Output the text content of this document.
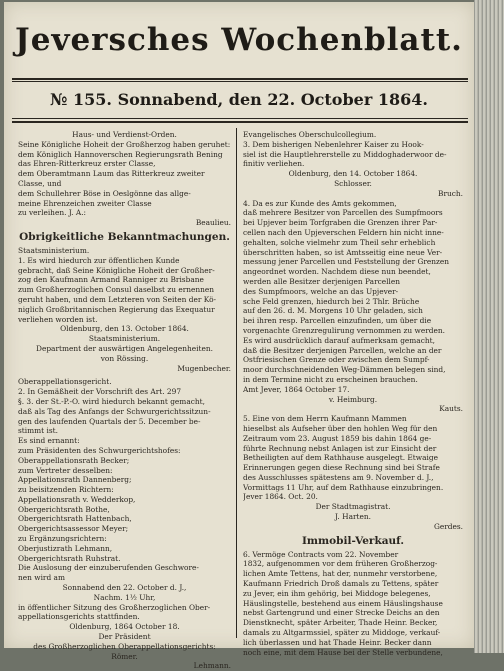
Jeversches Wochenblatt.
№ 155. Sonnabend, den 22. October 1864.
Haus- und Verdienst-Orden.
Seine Königliche Hoheit der Großherzog haben geruhet:
dem Königlich Hannoverschen Regierungsrath Bening
das Ehren-Ritterkreuz erster Classe,
dem Oberamtmann Laum das Ritterkreuz zweiter
Classe, und
dem Schullehrer Böse in Oeslgönne das allge-
meine Ehrenzeichen zweiter Classe
zu verleihen. J. A.:
Beaulieu.
Obrigkeitliche Bekanntmachungen.
Staatsministerium.
1. Es wird hiedurch zur öffentlichen Kunde
gebracht, daß Seine Königliche Hoheit der Großher-
zog den Kaufmann Armand Ranniger zu Brisbane
zum Großherzoglichen Consul daselbst zu ernennen
geruht haben, und dem Letzteren von Seiten der Kö-
niglich Großbritannischen Regierung das Exequatur
verliehen worden ist.
Oldenburg, den 13. October 1864.
Staatsministerium.
Department der auswärtigen Angelegenheiten.
von Rössing.
Mugenbecher.
Oberappellationsgericht.
2. In Gemäßheit der Vorschrift des Art. 297
§. 3. der St.-P.-O. wird hiedurch bekannt gemacht,
daß als Tag des Anfangs der Schwurgerichtssitzun-
gen des laufenden Quartals der 5. December be-
stimmt ist.
Es sind ernannt:
zum Präsidenten des Schwurgerichtshofes:
Oberappellationsrath Becker;
zum Vertreter desselben:
Appellationsrath Dannenberg;
zu beisitzenden Richtern:
Appellationsrath v. Wedderkop,
Obergerichtsrath Bothe,
Obergerichtsrath Hattenbach,
Obergerichtsassessor Meyer;
zu Ergänzungsrichtern:
Oberjustizrath Lehmann,
Obergerichtsrath Ruhstrat.
Die Auslosung der einzuberufenden Geschwore-
nen wird am
Sonnabend den 22. October d. J.,
Nachm. 1½ Uhr,
in öffentlicher Sitzung des Großherzoglichen Ober-
appellationsgerichts stattfinden.
Oldenburg, 1864 October 18.
Der Präsident
des Großherzoglichen Oberappellationsgerichts:
Römer.
Lehmann.
Evangelisches Oberschulcollegium.
3. Dem bisherigen Nebenlehrer Kaiser zu Hook-
siel ist die Hauptlehrerstelle zu Middoghaderwoor de-
finitiv verliehen.
Oldenburg, den 14. October 1864.
Schlosser.
Bruch.
4. Da es zur Kunde des Amts gekommen,
daß mehrere Besitzer von Parcellen des Sumpfmoors
bei Upjever beim Torfgraben die Grenzen ihrer Par-
cellen nach den Upjeverschen Feldern hin nicht inne-
gehalten, solche vielmehr zum Theil sehr erheblich
überschritten haben, so ist Amtsseitig eine neue Ver-
messung jener Parcellen und Feststellung der Grenzen
angeordnet worden. Nachdem diese nun beendet,
werden alle Besitzer derjenigen Parcellen
des Sumpfmoors, welche an das Upjever-
sche Feld grenzen, hiedurch bei 2 Thlr. Brüche
auf den 26. d. M. Morgens 10 Uhr geladen, sich
bei ihren resp. Parcellen einzufinden, um über die
vorgenachte Grenzregulirung vernommen zu werden.
Es wird ausdrücklich darauf aufmerksam gemacht,
daß die Besitzer derjenigen Parcellen, welche an der
Ostfriesischen Grenze oder zwischen dem Sumpf-
moor durchschneidenden Weg-Dämmen belegen sind,
in dem Termine nicht zu erscheinen brauchen.
Amt Jever, 1864 October 17.
v. Heimburg.
Kauts.
5. Eine von dem Herrn Kaufmann Mammen
hieselbst als Aufseher über den hohlen Weg für den
Zeitraum vom 23. August 1859 bis dahin 1864 ge-
führte Rechnung nebst Anlagen ist zur Einsicht der
Betheiligten auf dem Rathhause ausgelegt. Etwaige
Erinnerungen gegen diese Rechnung sind bei Strafe
des Ausschlusses spätestens am 9. November d. J.,
Vormittags 11 Uhr, auf dem Rathhause einzubringen.
Jever 1864. Oct. 20.
Der Stadtmagistrat.
J. Harten.
Gerdes.
Immobil-Verkauf.
6. Vermöge Contracts vom 22. November
1832, aufgenommen vor dem früheren Großherzog-
lichen Amte Tettens, hat der, nunmehr verstorbene,
Kaufmann Friedrich Droß damals zu Tettens, später
zu Jever, ein ihm gehörig, bei Middoge belegenes,
Häuslingstelle, bestehend aus einem Häuslingshause
nebst Gartengrund und einer Strecke Deichs an den
Dienstknecht, später Arbeiter, Thade Heinr. Becker,
damals zu Altgarmssiel, später zu Middoge, verkauf-
lich überlassen und hat Thade Heinr. Becker dann
noch eine, mit dem Hause bei der Stelle verbundene,
